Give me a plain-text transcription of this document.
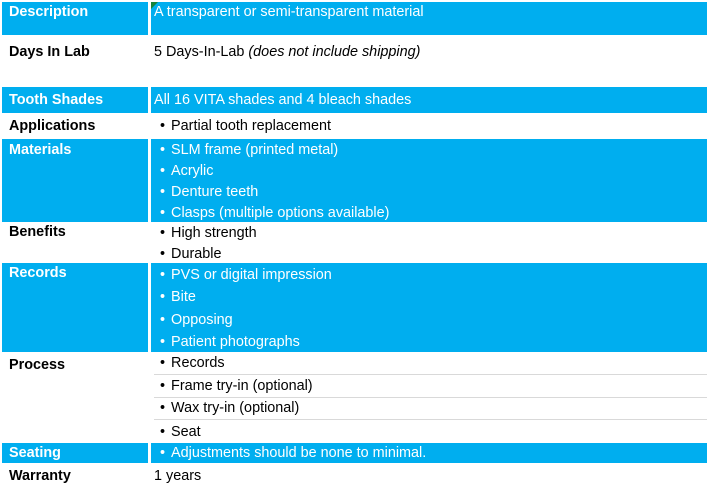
Description	A transparent or semi-transparent material
Days In Lab	5 Days-In-Lab (does not include shipping)
Tooth Shades	All 16 VITA shades and 4 bleach shades
Applications	• Partial tooth replacement
Materials	• SLM frame (printed metal)
• Acrylic
• Denture teeth
• Clasps (multiple options available)
Benefits	• High strength
• Durable
Records	• PVS or digital impression
• Bite
• Opposing
• Patient photographs
Process	• Records
• Frame try-in (optional)
• Wax try-in (optional)
• Seat
Seating	• Adjustments should be none to minimal.
Warranty	1 years
